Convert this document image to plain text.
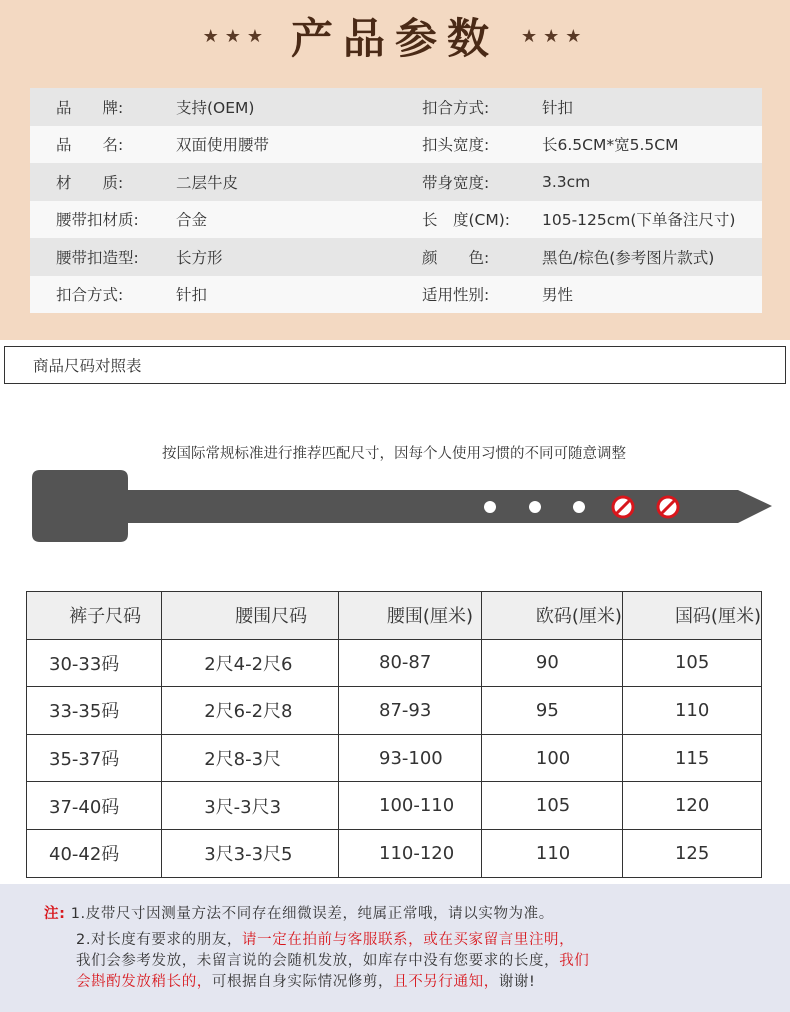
★★★ 产品参数 ★★★
品　　牌:	支持(OEM)	扣合方式:	针扣
品　　名:	双面使用腰带	扣头宽度:	长6.5CM*宽5.5CM
材　　质:	二层牛皮	带身宽度:	3.3cm
腰带扣材质:	合金	长　度(CM):	105-125cm(下单备注尺寸)
腰带扣造型:	长方形	颜　　色:	黑色/棕色(参考图片款式)
扣合方式:	针扣	适用性别:	男性
商品尺码对照表
按国际常规标准进行推荐匹配尺寸，因每个人使用习惯的不同可随意调整
裤子尺码	腰围尺码	腰围(厘米)	欧码(厘米)	国码(厘米)
30-33码	2尺4-2尺6	80-87	90	105
33-35码	2尺6-2尺8	87-93	95	110
35-37码	2尺8-3尺	93-100	100	115
37-40码	3尺-3尺3	100-110	105	120
40-42码	3尺3-3尺5	110-120	110	125
注: 1.皮带尺寸因测量方法不同存在细微误差，纯属正常哦，请以实物为准。
2.对长度有要求的朋友，请一定在拍前与客服联系，或在买家留言里注明，
我们会参考发放，未留言说的会随机发放，如库存中没有您要求的长度，我们
会斟酌发放稍长的，可根据自身实际情况修剪，且不另行通知，谢谢!
